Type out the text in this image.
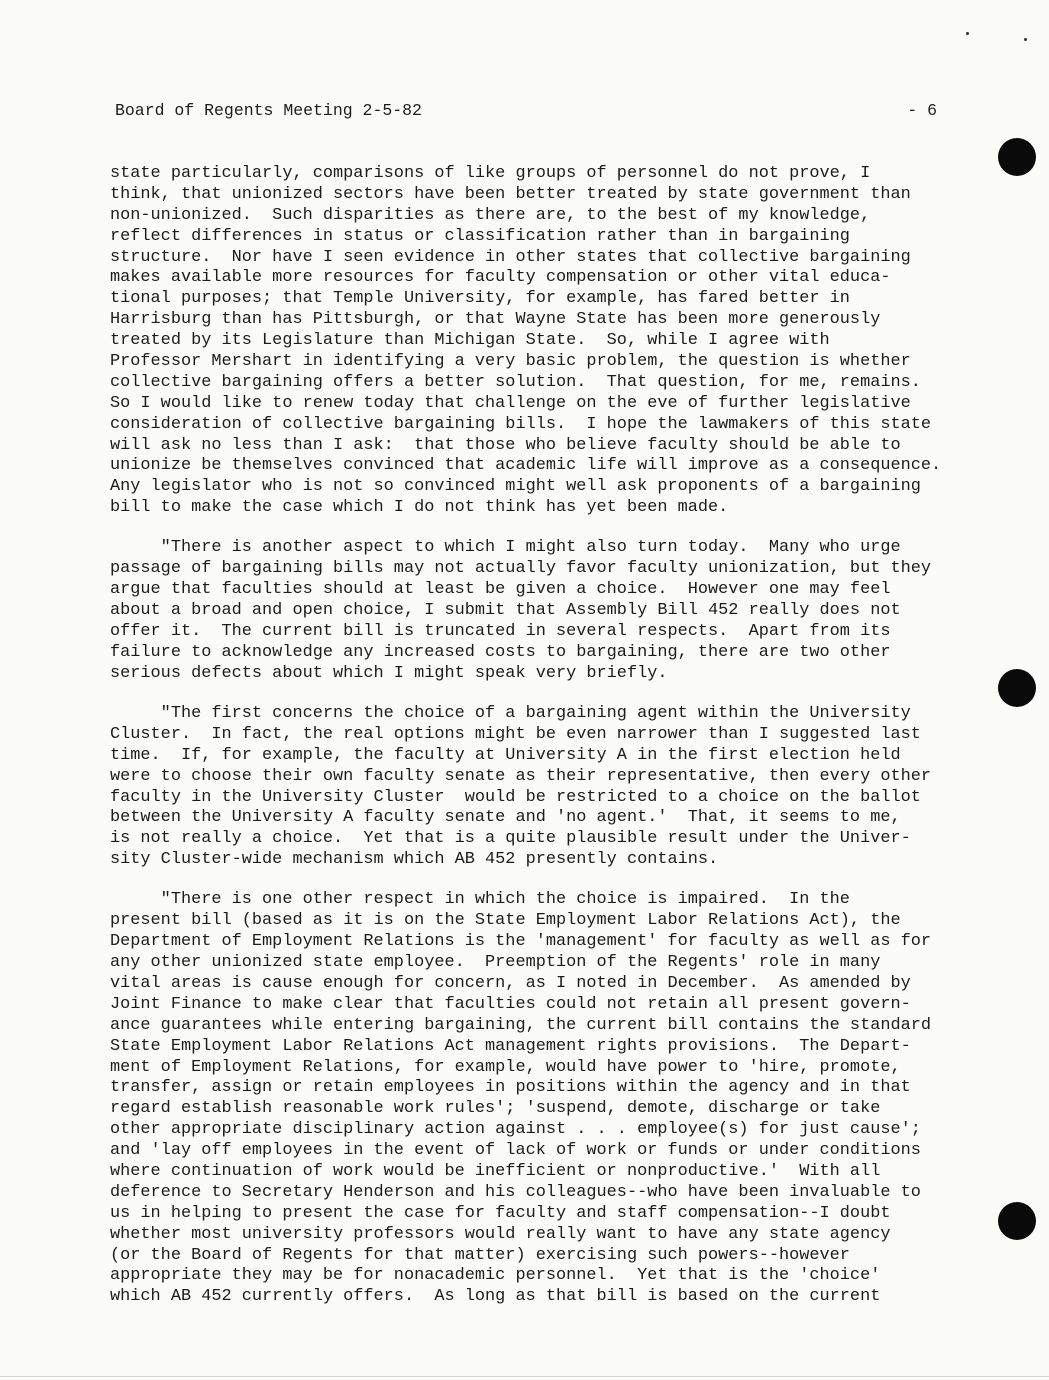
Board of Regents Meeting 2-5-82	- 6
state particularly, comparisons of like groups of personnel do not prove, I
think, that unionized sectors have been better treated by state government than
non-unionized.  Such disparities as there are, to the best of my knowledge,
reflect differences in status or classification rather than in bargaining
structure.  Nor have I seen evidence in other states that collective bargaining
makes available more resources for faculty compensation or other vital educa-
tional purposes; that Temple University, for example, has fared better in
Harrisburg than has Pittsburgh, or that Wayne State has been more generously
treated by its Legislature than Michigan State.  So, while I agree with
Professor Mershart in identifying a very basic problem, the question is whether
collective bargaining offers a better solution.  That question, for me, remains.
So I would like to renew today that challenge on the eve of further legislative
consideration of collective bargaining bills.  I hope the lawmakers of this state
will ask no less than I ask:  that those who believe faculty should be able to
unionize be themselves convinced that academic life will improve as a consequence.
Any legislator who is not so convinced might well ask proponents of a bargaining
bill to make the case which I do not think has yet been made.
"There is another aspect to which I might also turn today.  Many who urge
passage of bargaining bills may not actually favor faculty unionization, but they
argue that faculties should at least be given a choice.  However one may feel
about a broad and open choice, I submit that Assembly Bill 452 really does not
offer it.  The current bill is truncated in several respects.  Apart from its
failure to acknowledge any increased costs to bargaining, there are two other
serious defects about which I might speak very briefly.
"The first concerns the choice of a bargaining agent within the University
Cluster.  In fact, the real options might be even narrower than I suggested last
time.  If, for example, the faculty at University A in the first election held
were to choose their own faculty senate as their representative, then every other
faculty in the University Cluster  would be restricted to a choice on the ballot
between the University A faculty senate and 'no agent.'  That, it seems to me,
is not really a choice.  Yet that is a quite plausible result under the Univer-
sity Cluster-wide mechanism which AB 452 presently contains.
"There is one other respect in which the choice is impaired.  In the
present bill (based as it is on the State Employment Labor Relations Act), the
Department of Employment Relations is the 'management' for faculty as well as for
any other unionized state employee.  Preemption of the Regents' role in many
vital areas is cause enough for concern, as I noted in December.  As amended by
Joint Finance to make clear that faculties could not retain all present govern-
ance guarantees while entering bargaining, the current bill contains the standard
State Employment Labor Relations Act management rights provisions.  The Depart-
ment of Employment Relations, for example, would have power to 'hire, promote,
transfer, assign or retain employees in positions within the agency and in that
regard establish reasonable work rules'; 'suspend, demote, discharge or take
other appropriate disciplinary action against . . . employee(s) for just cause';
and 'lay off employees in the event of lack of work or funds or under conditions
where continuation of work would be inefficient or nonproductive.'  With all
deference to Secretary Henderson and his colleagues--who have been invaluable to
us in helping to present the case for faculty and staff compensation--I doubt
whether most university professors would really want to have any state agency
(or the Board of Regents for that matter) exercising such powers--however
appropriate they may be for nonacademic personnel.  Yet that is the 'choice'
which AB 452 currently offers.  As long as that bill is based on the current
